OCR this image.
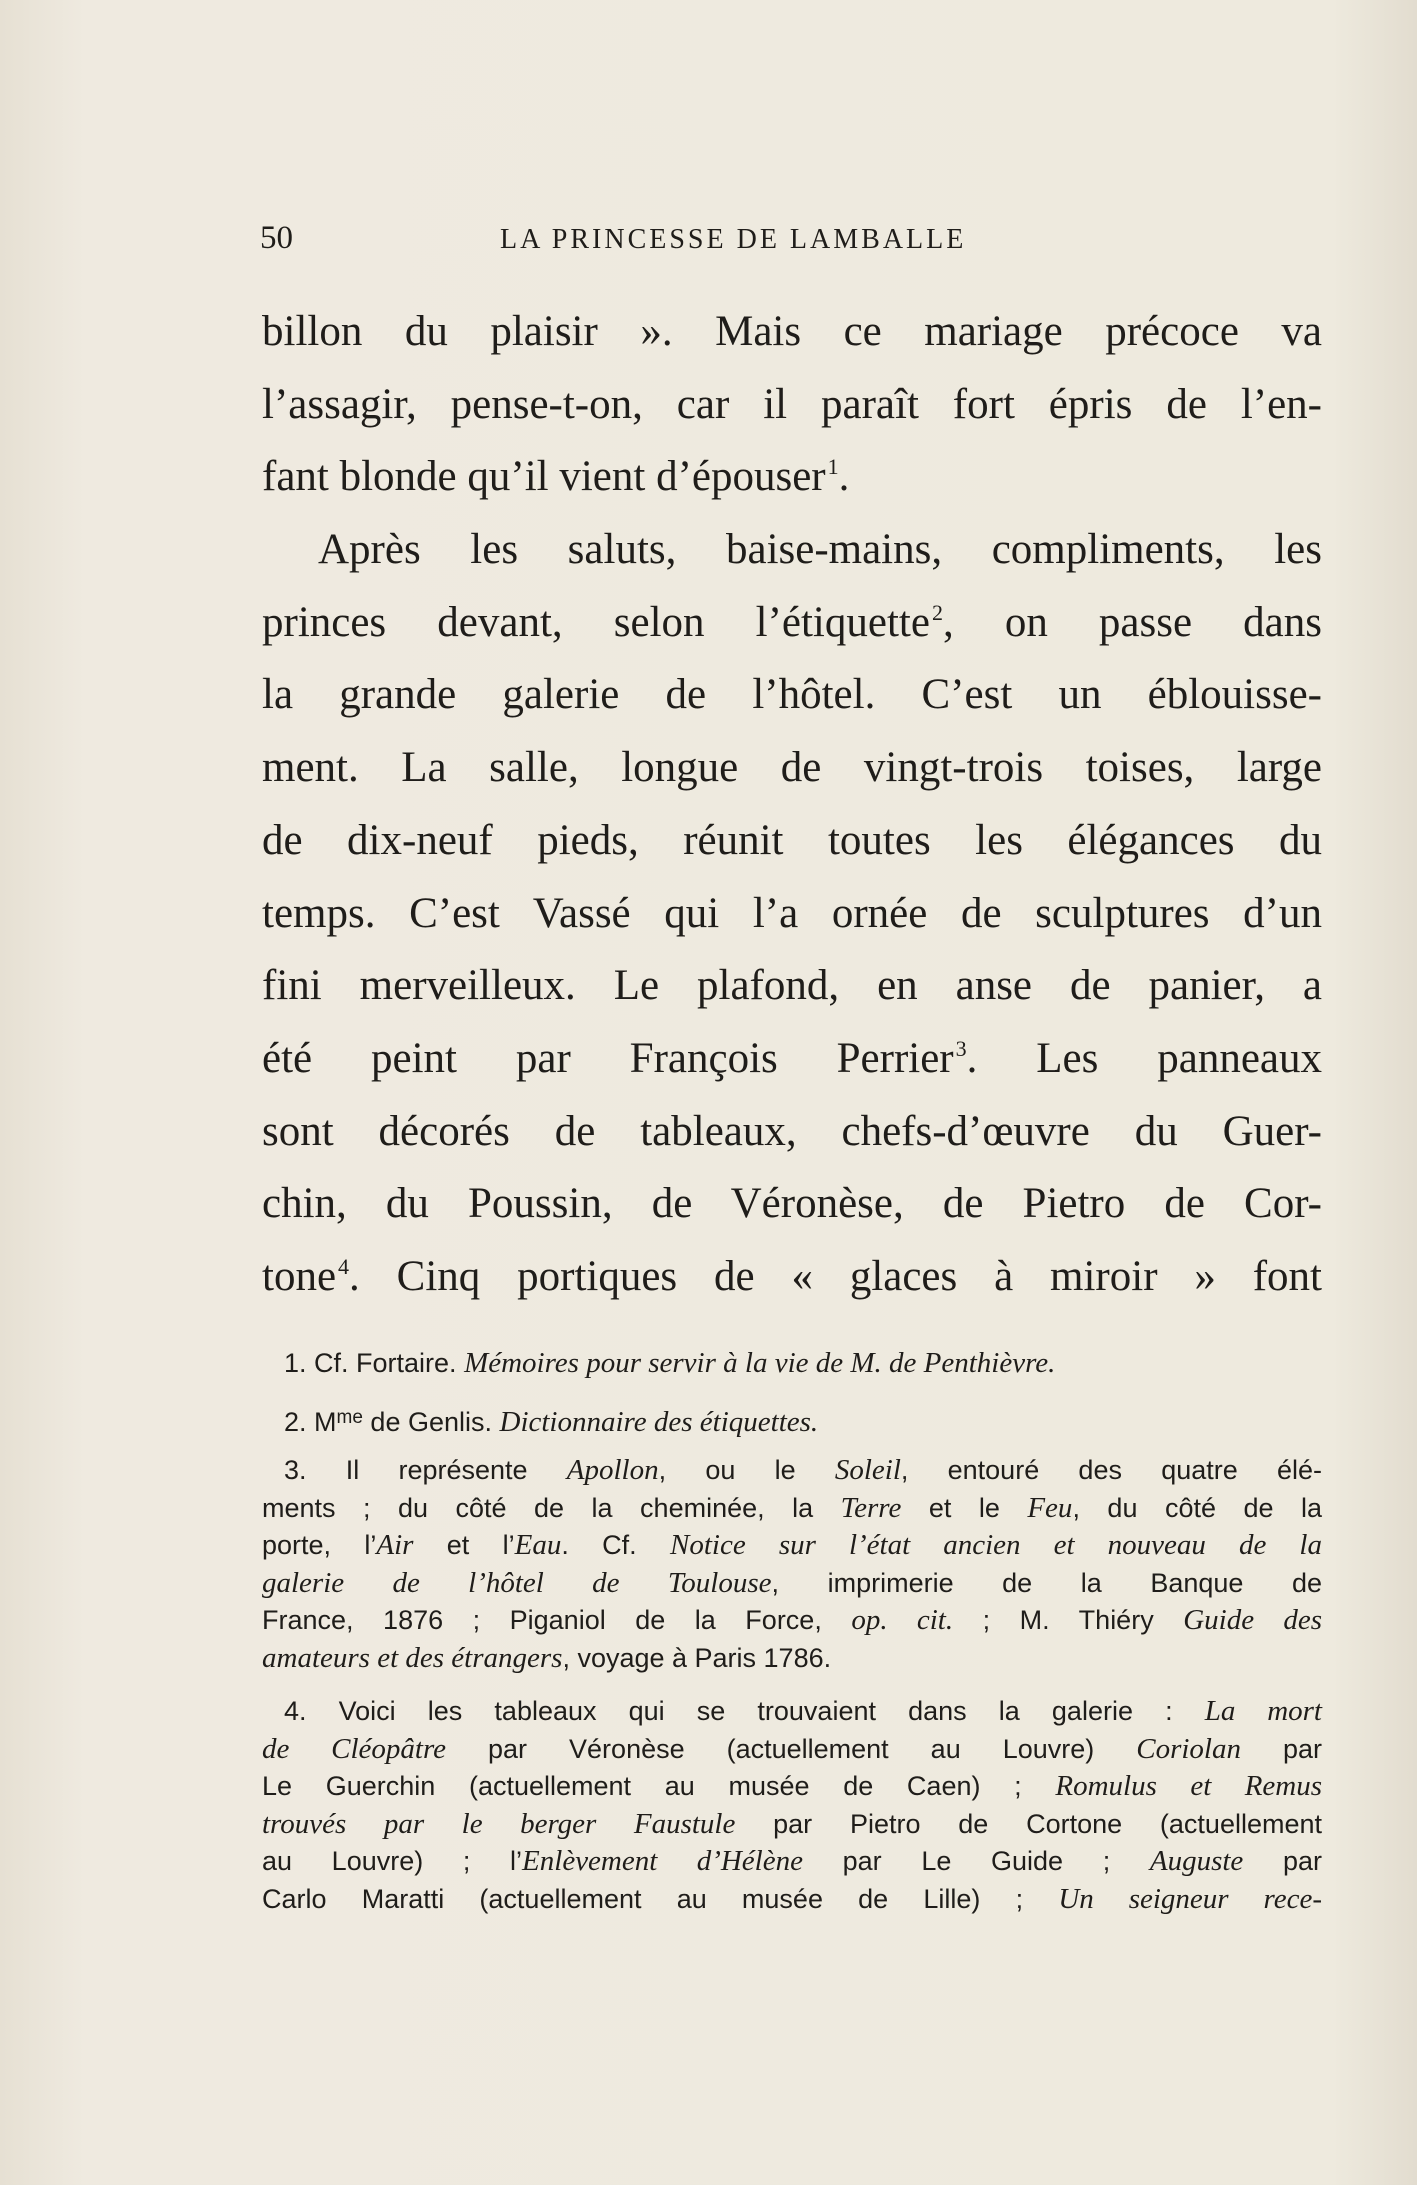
50	LA PRINCESSE DE LAMBALLE
billon du plaisir ». Mais ce mariage précoce va
l’assagir, pense-t-on, car il paraît fort épris de l’en-
fant blonde qu’il vient d’épouser$^1$.
Après les saluts, baise-mains, compliments, les
princes devant, selon l’étiquette$^2$, on passe dans
la grande galerie de l’hôtel. C’est un éblouisse-
ment. La salle, longue de vingt-trois toises, large
de dix-neuf pieds, réunit toutes les élégances du
temps. C’est Vassé qui l’a ornée de sculptures d’un
fini merveilleux. Le plafond, en anse de panier, a
été peint par François Perrier$^3$. Les panneaux
sont décorés de tableaux, chefs-d’œuvre du Guer-
chin, du Poussin, de Véronèse, de Pietro de Cor-
tone$^4$. Cinq portiques de « glaces à miroir » font
1. Cf. Fortaire. Mémoires pour servir à la vie de M. de Penthièvre.
2. $M^{me}$ de Genlis. Dictionnaire des étiquettes.
3. Il représente Apollon, ou le Soleil, entouré des quatre élé-
ments ; du côté de la cheminée, la Terre et le Feu, du côté de la
porte, l’Air et l’Eau. Cf. Notice sur l’état ancien et nouveau de la
galerie de l’hôtel de Toulouse, imprimerie de la Banque de
France, 1876 ; Piganiol de la Force, op. cit. ; M. Thiéry Guide des
amateurs et des étrangers, voyage à Paris 1786.
4. Voici les tableaux qui se trouvaient dans la galerie : La mort
de Cléopâtre par Véronèse (actuellement au Louvre) Coriolan par
Le Guerchin (actuellement au musée de Caen) ; Romulus et Remus
trouvés par le berger Faustule par Pietro de Cortone (actuellement
au Louvre) ; l’Enlèvement d’Hélène par Le Guide ; Auguste par
Carlo Maratti (actuellement au musée de Lille) ; Un seigneur rece-
